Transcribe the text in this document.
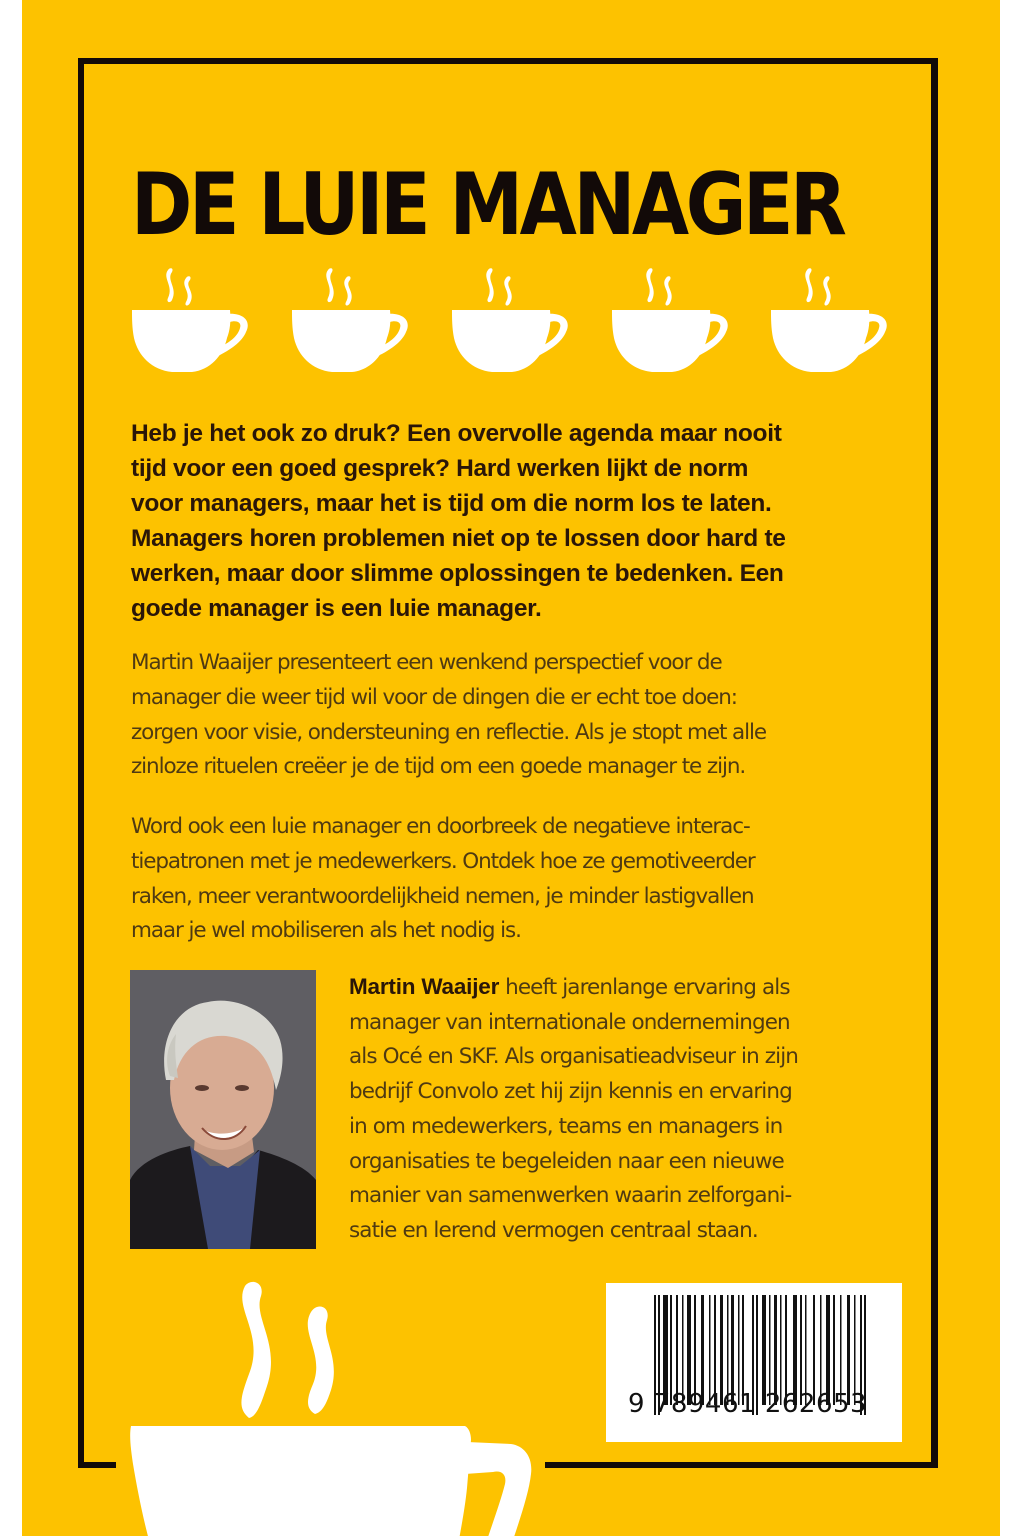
DE LUIE MANAGER

Heb je het ook zo druk? Een overvolle agenda maar nooit
tijd voor een goed gesprek? Hard werken lijkt de norm
voor managers, maar het is tijd om die norm los te laten.
Managers horen problemen niet op te lossen door hard te
werken, maar door slimme oplossingen te bedenken. Een
goede manager is een luie manager.

Martin Waaijer presenteert een wenkend perspectief voor de
manager die weer tijd wil voor de dingen die er echt toe doen:
zorgen voor visie, ondersteuning en reflectie. Als je stopt met alle
zinloze rituelen creëer je de tijd om een goede manager te zijn.

Word ook een luie manager en doorbreek de negatieve interac-
tiepatronen met je medewerkers. Ontdek hoe ze gemotiveerder
raken, meer verantwoordelijkheid nemen, je minder lastigvallen
maar je wel mobiliseren als het nodig is.

Martin Waaijer heeft jarenlange ervaring als
manager van internationale ondernemingen
als Océ en SKF. Als organisatieadviseur in zijn
bedrijf Convolo zet hij zijn kennis en ervaring
in om medewerkers, teams en managers in
organisaties te begeleiden naar een nieuwe
manier van samenwerken waarin zelforgani-
satie en lerend vermogen centraal staan.

9 789461 262653
